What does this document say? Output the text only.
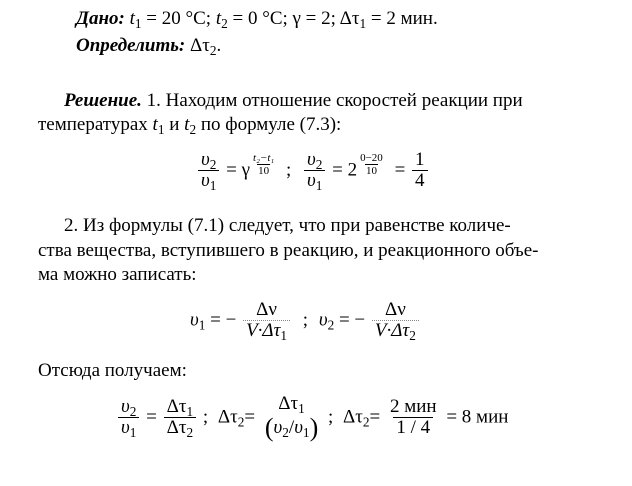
Дано: $t_1 = 20$ °С; $t_2 = 0$ °С; γ = 2; $\Delta\tau_1 = 2$ мин.
Определить: $\Delta\tau_2$.
Решение. 1. Находим отношение скоростей реакции при
температурах $t_1$ и $t_2$ по формуле (7.3):
$\frac{\upsilon_2}{\upsilon_1} = \gamma \frac{\text{t₂−t₁}}{10}$ ; $\frac{\upsilon_2}{\upsilon_1} = 2 \frac{0-20}{10} = \frac{1}{4}$
2. Из формулы (7.1) следует, что при равенстве количе-
ства вещества, вступившего в реакцию, и реакционного объе-
ма можно записать:
$\upsilon_1$ = − $\frac{\Delta\nu}{V\cdot\Delta\tau_1}$ ; $\upsilon_2$ = − $\frac{\Delta\nu}{V\cdot\Delta\tau_2}$
Отсюда получаем:
$\frac{\upsilon_2}{\upsilon_1} = \frac{\Delta\tau_1}{\Delta\tau_2}$ ; $\Delta\tau_2=$
$\Delta\tau_1$
$(\upsilon_2/\upsilon_1)$ ; $\Delta\tau_2= \frac{\text{2 мин}}{1 / 4} = 8$ мин
